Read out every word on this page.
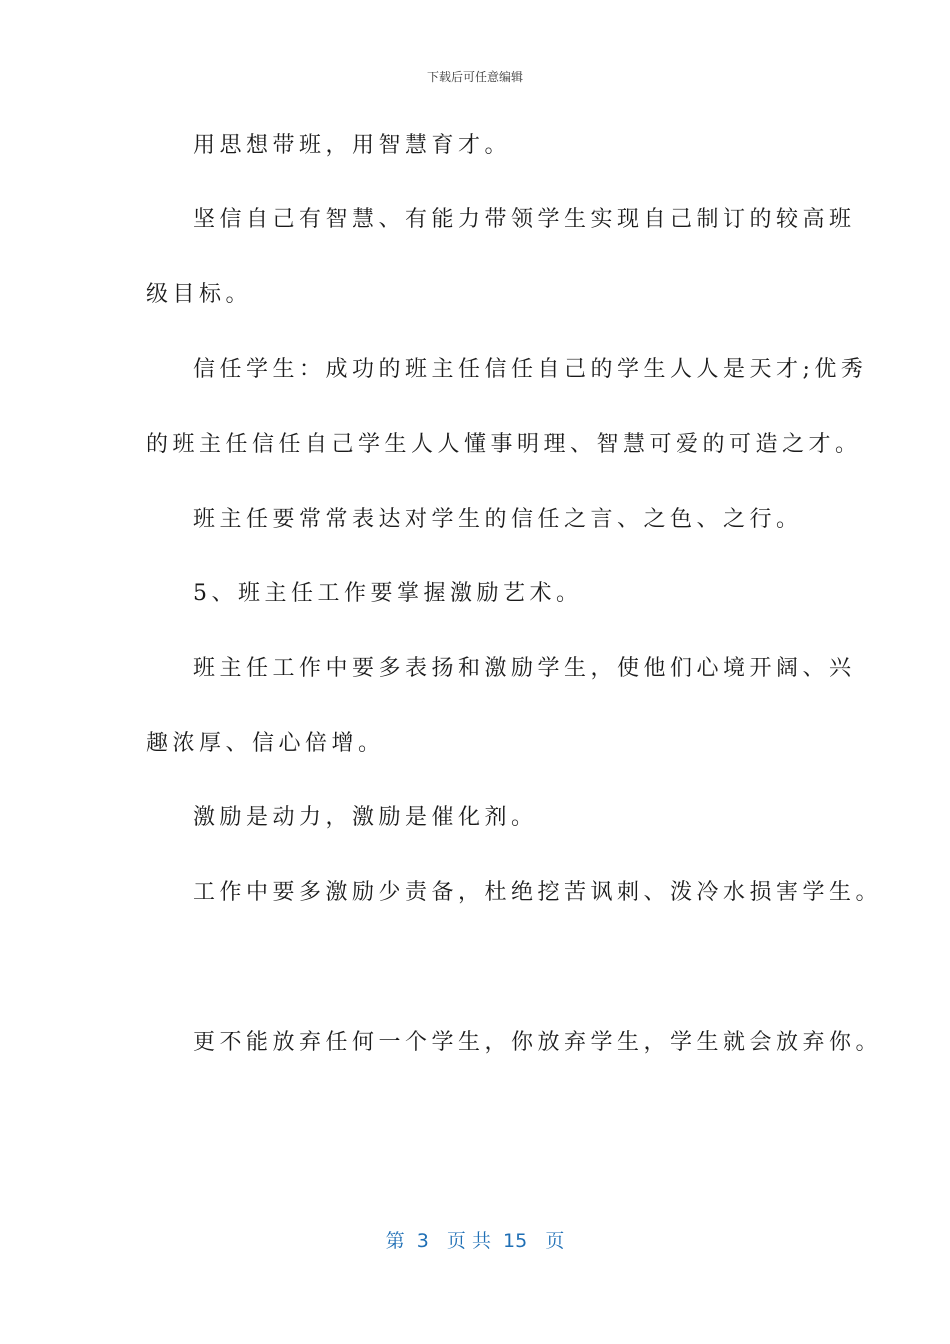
下载后可任意编辑
用思想带班，用智慧育才。
坚信自己有智慧、有能力带领学生实现自己制订的较高班
级目标。
信任学生：成功的班主任信任自己的学生人人是天才;优秀
的班主任信任自己学生人人懂事明理、智慧可爱的可造之才。
班主任要常常表达对学生的信任之言、之色、之行。
5、班主任工作要掌握激励艺术。
班主任工作中要多表扬和激励学生，使他们心境开阔、兴
趣浓厚、信心倍增。
激励是动力，激励是催化剂。
工作中要多激励少责备，杜绝挖苦讽刺、泼冷水损害学生。
更不能放弃任何一个学生，你放弃学生，学生就会放弃你。
第  3   页 共  15   页
